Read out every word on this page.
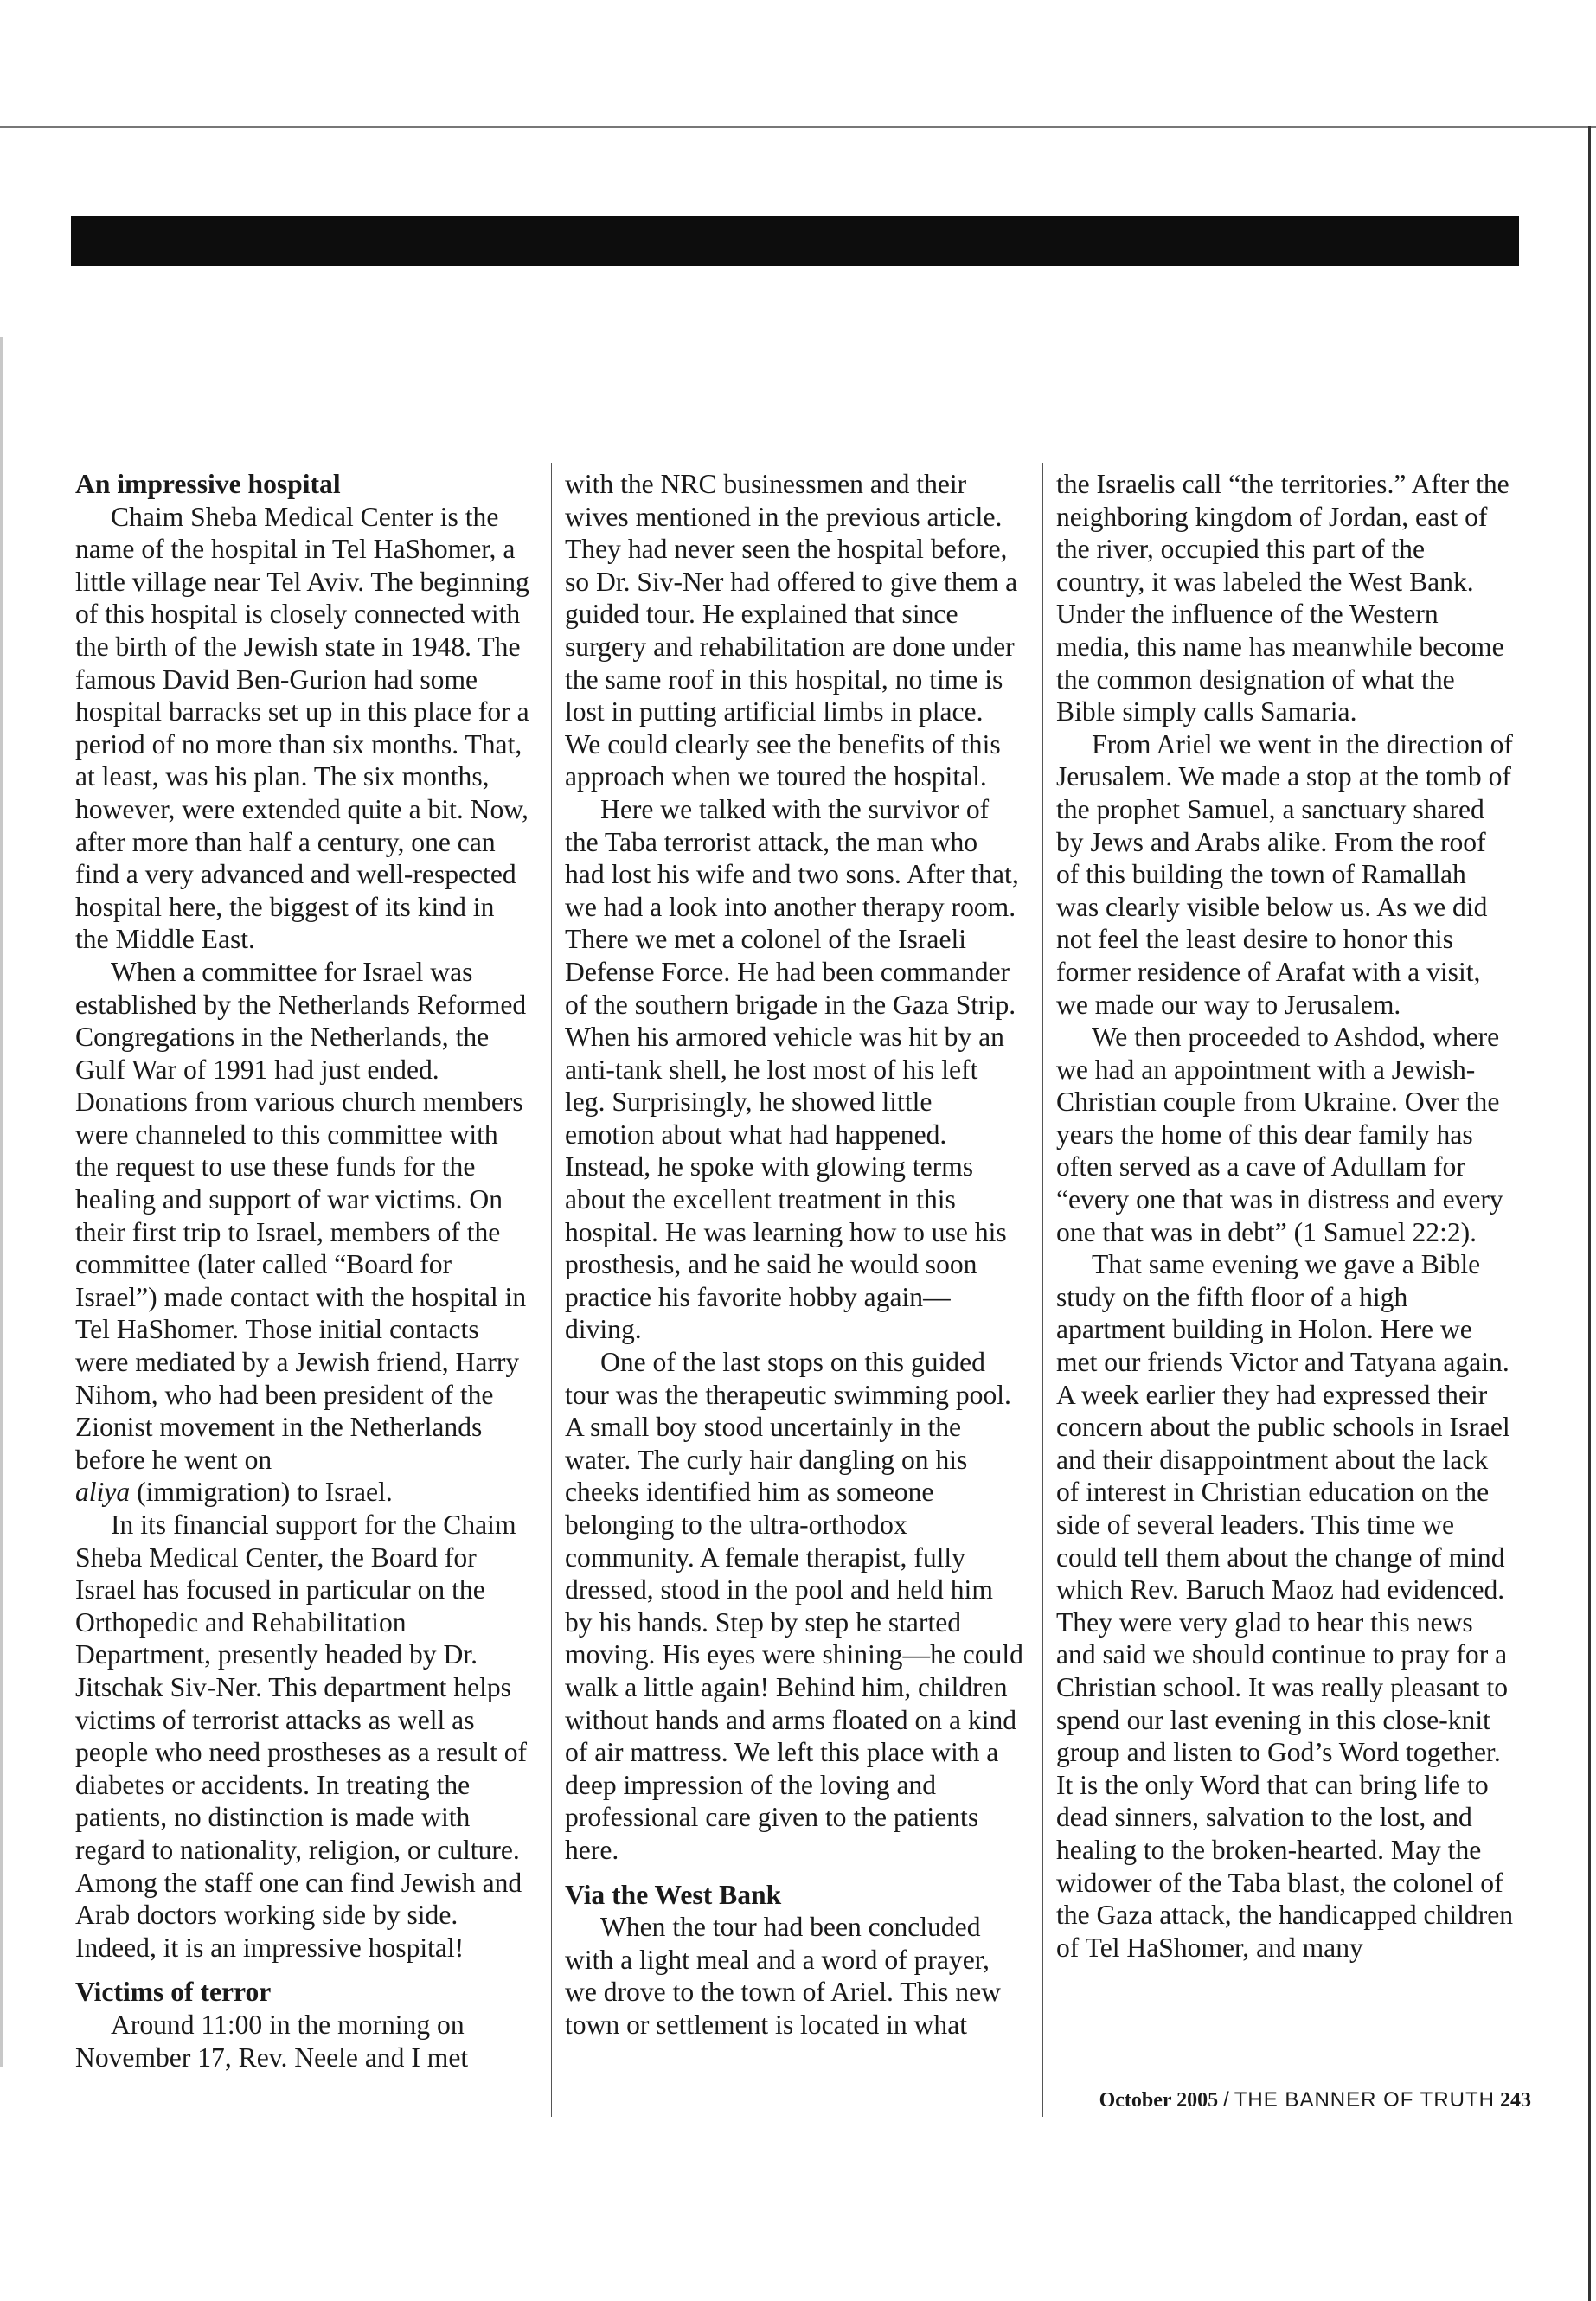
An impressive hospital

Chaim Sheba Medical Center is the name of the hospital in Tel HaShomer, a little village near Tel Aviv. The beginning of this hospital is closely connected with the birth of the Jewish state in 1948. The famous David Ben-Gurion had some hospital barracks set up in this place for a period of no more than six months. That, at least, was his plan. The six months, however, were extended quite a bit. Now, after more than half a century, one can find a very advanced and well-respected hospital here, the biggest of its kind in the Middle East.

When a committee for Israel was established by the Netherlands Reformed Congregations in the Netherlands, the Gulf War of 1991 had just ended. Donations from various church members were channeled to this committee with the request to use these funds for the healing and support of war victims. On their first trip to Israel, members of the committee (later called “Board for Israel”) made contact with the hospital in Tel HaShomer. Those initial contacts were mediated by a Jewish friend, Harry Nihom, who had been president of the Zionist movement in the Netherlands before he went on

aliya (immigration) to Israel.

In its financial support for the Chaim Sheba Medical Center, the Board for Israel has focused in particular on the Orthopedic and Rehabilitation Department, presently headed by Dr. Jitschak Siv-Ner. This department helps victims of terrorist attacks as well as people who need prostheses as a result of diabetes or accidents. In treating the patients, no distinction is made with regard to nationality, religion, or culture. Among the staff one can find Jewish and Arab doctors working side by side. Indeed, it is an impressive hospital!

Victims of terror

Around 11:00 in the morning on November 17, Rev. Neele and I met

with the NRC businessmen and their wives mentioned in the previous article. They had never seen the hospital before, so Dr. Siv-Ner had offered to give them a guided tour. He explained that since surgery and rehabilitation are done under the same roof in this hospital, no time is lost in putting artificial limbs in place. We could clearly see the benefits of this approach when we toured the hospital.

Here we talked with the survivor of the Taba terrorist attack, the man who had lost his wife and two sons. After that, we had a look into another therapy room. There we met a colonel of the Israeli Defense Force. He had been commander of the southern brigade in the Gaza Strip. When his armored vehicle was hit by an anti-tank shell, he lost most of his left leg. Surprisingly, he showed little emotion about what had happened. Instead, he spoke with glowing terms about the excellent treatment in this hospital. He was learning how to use his prosthesis, and he said he would soon practice his favorite hobby again—diving.

One of the last stops on this guided tour was the therapeutic swimming pool. A small boy stood uncertainly in the water. The curly hair dangling on his cheeks identified him as someone belonging to the ultra-orthodox community. A female therapist, fully dressed, stood in the pool and held him by his hands. Step by step he started moving. His eyes were shining—he could walk a little again! Behind him, children without hands and arms floated on a kind of air mattress. We left this place with a deep impression of the loving and professional care given to the patients here.

Via the West Bank

When the tour had been concluded with a light meal and a word of prayer, we drove to the town of Ariel. This new town or settlement is located in what

the Israelis call “the territories.” After the neighboring kingdom of Jordan, east of the river, occupied this part of the country, it was labeled the West Bank. Under the influence of the Western media, this name has meanwhile become the common designation of what the Bible simply calls Samaria.

From Ariel we went in the direction of Jerusalem. We made a stop at the tomb of the prophet Samuel, a sanctuary shared by Jews and Arabs alike. From the roof of this building the town of Ramallah was clearly visible below us. As we did not feel the least desire to honor this former residence of Arafat with a visit, we made our way to Jerusalem.

We then proceeded to Ashdod, where we had an appointment with a Jewish-Christian couple from Ukraine. Over the years the home of this dear family has often served as a cave of Adullam for “every one that was in distress and every one that was in debt” (1 Samuel 22:2).

That same evening we gave a Bible study on the fifth floor of a high apartment building in Holon. Here we met our friends Victor and Tatyana again. A week earlier they had expressed their concern about the public schools in Israel and their disappointment about the lack of interest in Christian education on the side of several leaders. This time we could tell them about the change of mind which Rev. Baruch Maoz had evidenced. They were very glad to hear this news and said we should continue to pray for a Christian school. It was really pleasant to spend our last evening in this close-knit group and listen to God’s Word together. It is the only Word that can bring life to dead sinners, salvation to the lost, and healing to the broken-hearted. May the widower of the Taba blast, the colonel of the Gaza attack, the handicapped children of Tel HaShomer, and many

October 2005 / THE BANNER OF TRUTH 243
